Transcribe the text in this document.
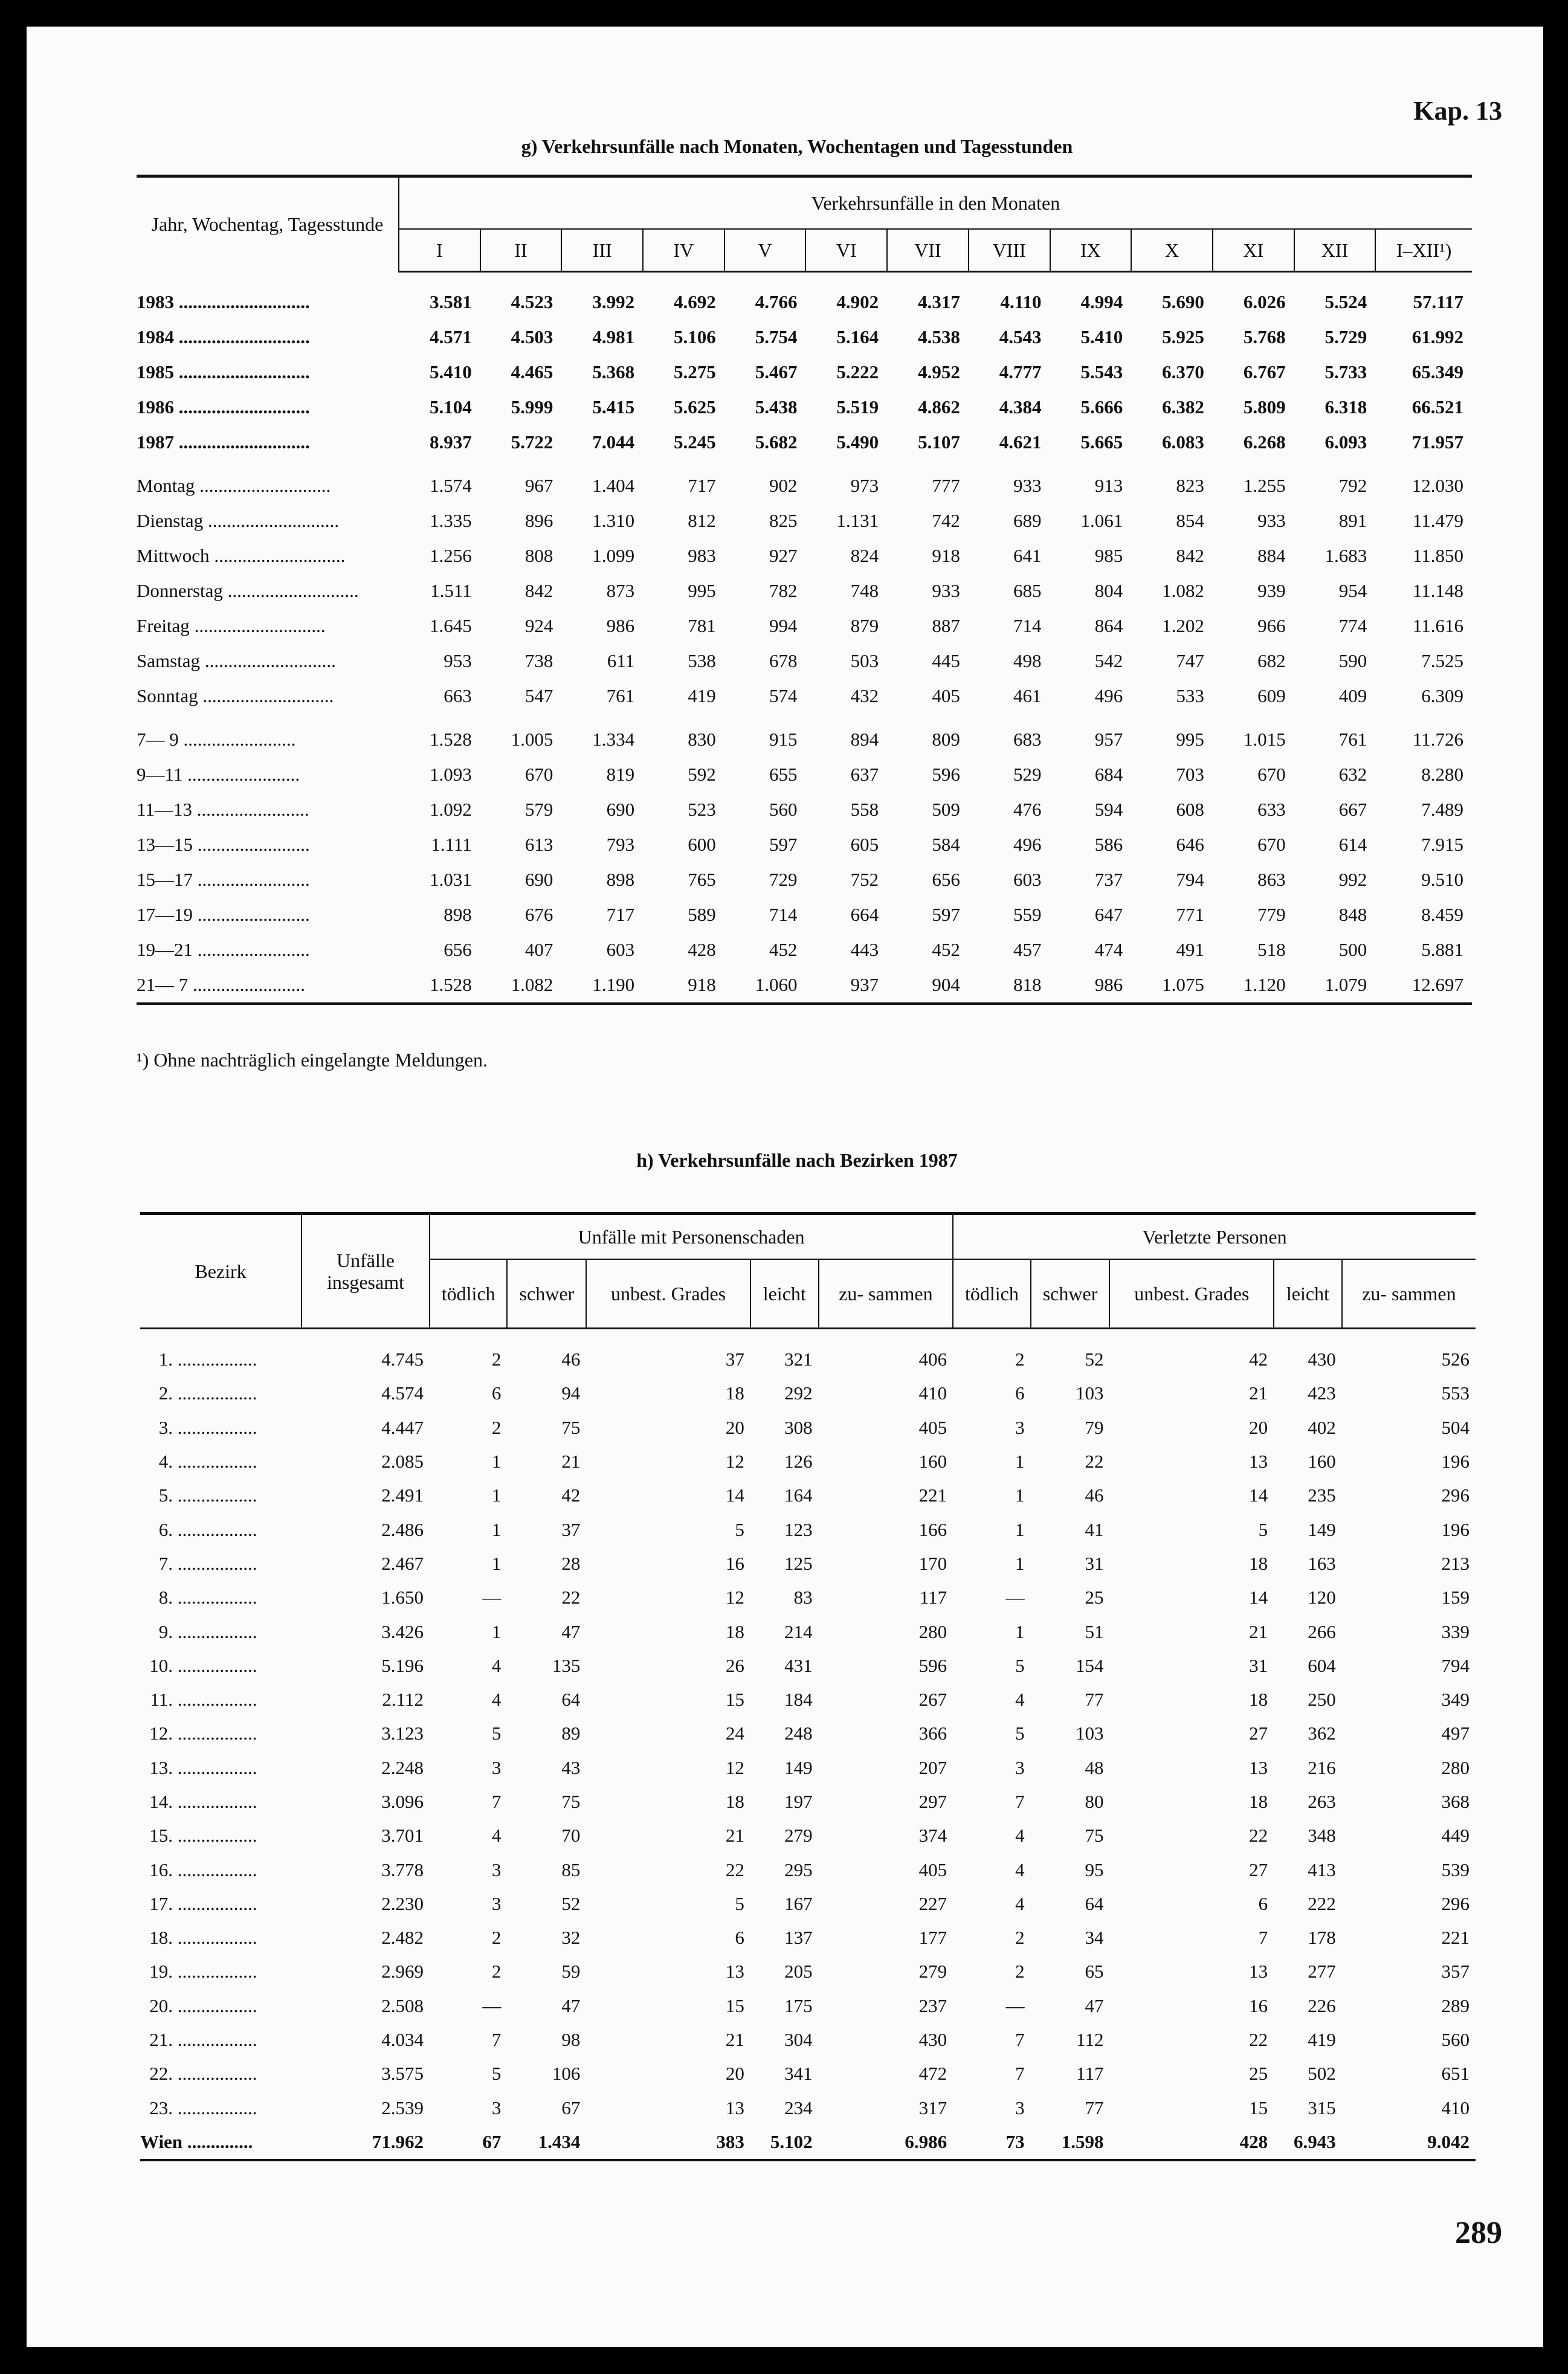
Kap. 13
g) Verkehrsunfälle nach Monaten, Wochentagen und Tagesstunden
Jahr, Wochentag, Tagesstunde	Verkehrsunfälle in den Monaten												
	I	II	III	IV	V	VI	VII	VIII	IX	X	XI	XII	I–XII¹)

1983 ............................	3.581	4.523	3.992	4.692	4.766	4.902	4.317	4.110	4.994	5.690	6.026	5.524	57.117
1984 ............................	4.571	4.503	4.981	5.106	5.754	5.164	4.538	4.543	5.410	5.925	5.768	5.729	61.992
1985 ............................	5.410	4.465	5.368	5.275	5.467	5.222	4.952	4.777	5.543	6.370	6.767	5.733	65.349
1986 ............................	5.104	5.999	5.415	5.625	5.438	5.519	4.862	4.384	5.666	6.382	5.809	6.318	66.521
1987 ............................	8.937	5.722	7.044	5.245	5.682	5.490	5.107	4.621	5.665	6.083	6.268	6.093	71.957

Montag ............................	1.574	967	1.404	717	902	973	777	933	913	823	1.255	792	12.030
Dienstag ............................	1.335	896	1.310	812	825	1.131	742	689	1.061	854	933	891	11.479
Mittwoch ............................	1.256	808	1.099	983	927	824	918	641	985	842	884	1.683	11.850
Donnerstag ............................	1.511	842	873	995	782	748	933	685	804	1.082	939	954	11.148
Freitag ............................	1.645	924	986	781	994	879	887	714	864	1.202	966	774	11.616
Samstag ............................	953	738	611	538	678	503	445	498	542	747	682	590	7.525
Sonntag ............................	663	547	761	419	574	432	405	461	496	533	609	409	6.309

7— 9 ........................	1.528	1.005	1.334	830	915	894	809	683	957	995	1.015	761	11.726
9—11 ........................	1.093	670	819	592	655	637	596	529	684	703	670	632	8.280
11—13 ........................	1.092	579	690	523	560	558	509	476	594	608	633	667	7.489
13—15 ........................	1.111	613	793	600	597	605	584	496	586	646	670	614	7.915
15—17 ........................	1.031	690	898	765	729	752	656	603	737	794	863	992	9.510
17—19 ........................	898	676	717	589	714	664	597	559	647	771	779	848	8.459
19—21 ........................	656	407	603	428	452	443	452	457	474	491	518	500	5.881
21— 7 ........................	1.528	1.082	1.190	918	1.060	937	904	818	986	1.075	1.120	1.079	12.697
¹) Ohne nachträglich eingelangte Meldungen.
h) Verkehrsunfälle nach Bezirken 1987
Bezirk	Unfälle insgesamt	Unfälle mit Personenschaden					Verletzte Personen				
		tödlich	schwer	unbest. Grades	leicht	zu- sammen	tödlich	schwer	unbest. Grades	leicht	zu- sammen
1. .................	4.745	2	46	37	321	406	2	52	42	430	526
2. .................	4.574	6	94	18	292	410	6	103	21	423	553
3. .................	4.447	2	75	20	308	405	3	79	20	402	504
4. .................	2.085	1	21	12	126	160	1	22	13	160	196
5. .................	2.491	1	42	14	164	221	1	46	14	235	296
6. .................	2.486	1	37	5	123	166	1	41	5	149	196
7. .................	2.467	1	28	16	125	170	1	31	18	163	213
8. .................	1.650	—	22	12	83	117	—	25	14	120	159
9. .................	3.426	1	47	18	214	280	1	51	21	266	339
10. .................	5.196	4	135	26	431	596	5	154	31	604	794
11. .................	2.112	4	64	15	184	267	4	77	18	250	349
12. .................	3.123	5	89	24	248	366	5	103	27	362	497
13. .................	2.248	3	43	12	149	207	3	48	13	216	280
14. .................	3.096	7	75	18	197	297	7	80	18	263	368
15. .................	3.701	4	70	21	279	374	4	75	22	348	449
16. .................	3.778	3	85	22	295	405	4	95	27	413	539
17. .................	2.230	3	52	5	167	227	4	64	6	222	296
18. .................	2.482	2	32	6	137	177	2	34	7	178	221
19. .................	2.969	2	59	13	205	279	2	65	13	277	357
20. .................	2.508	—	47	15	175	237	—	47	16	226	289
21. .................	4.034	7	98	21	304	430	7	112	22	419	560
22. .................	3.575	5	106	20	341	472	7	117	25	502	651
23. .................	2.539	3	67	13	234	317	3	77	15	315	410
Wien ..............	71.962	67	1.434	383	5.102	6.986	73	1.598	428	6.943	9.042
289
